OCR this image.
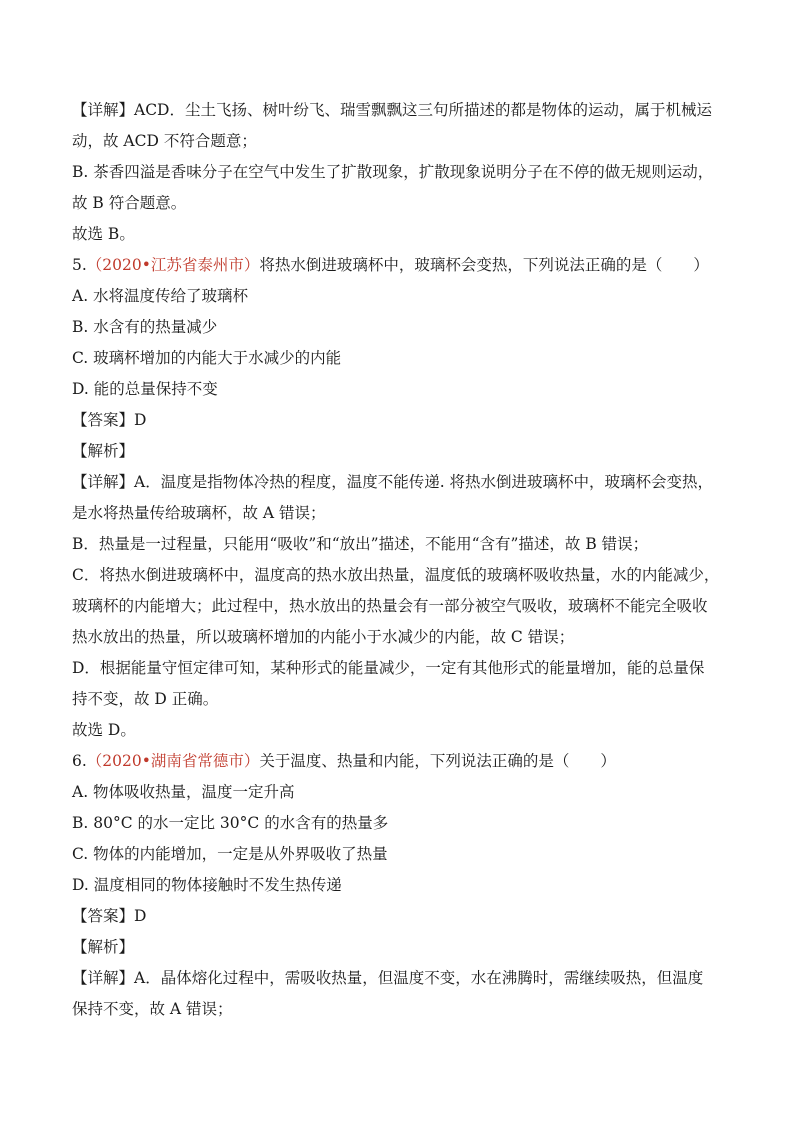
【详解】ACD．尘土飞扬、树叶纷飞、瑞雪飘飘这三句所描述的都是物体的运动，属于机械运
动，故 ACD 不符合题意；
B. 茶香四溢是香味分子在空气中发生了扩散现象，扩散现象说明分子在不停的做无规则运动，
故 B 符合题意。
故选 B。
5.（2020•江苏省泰州市）将热水倒进玻璃杯中，玻璃杯会变热，下列说法正确的是（　　）
A. 水将温度传给了玻璃杯
B. 水含有的热量减少
C. 玻璃杯增加的内能大于水减少的内能
D. 能的总量保持不变
【答案】D
【解析】
【详解】A．温度是指物体冷热的程度，温度不能传递. 将热水倒进玻璃杯中，玻璃杯会变热，
是水将热量传给玻璃杯，故 A 错误；
B．热量是一过程量，只能用“吸收”和“放出”描述，不能用“含有”描述，故 B 错误；
C．将热水倒进玻璃杯中，温度高的热水放出热量，温度低的玻璃杯吸收热量，水的内能减少，
玻璃杯的内能增大；此过程中，热水放出的热量会有一部分被空气吸收，玻璃杯不能完全吸收
热水放出的热量，所以玻璃杯增加的内能小于水减少的内能，故 C 错误；
D．根据能量守恒定律可知，某种形式的能量减少，一定有其他形式的能量增加，能的总量保
持不变，故 D 正确。
故选 D。
6.（2020•湖南省常德市）关于温度、热量和内能，下列说法正确的是（　　）
A. 物体吸收热量，温度一定升高
B. 80°C 的水一定比 30°C 的水含有的热量多
C. 物体的内能增加，一定是从外界吸收了热量
D. 温度相同的物体接触时不发生热传递
【答案】D
【解析】
【详解】A．晶体熔化过程中，需吸收热量，但温度不变，水在沸腾时，需继续吸热，但温度
保持不变，故 A 错误；
